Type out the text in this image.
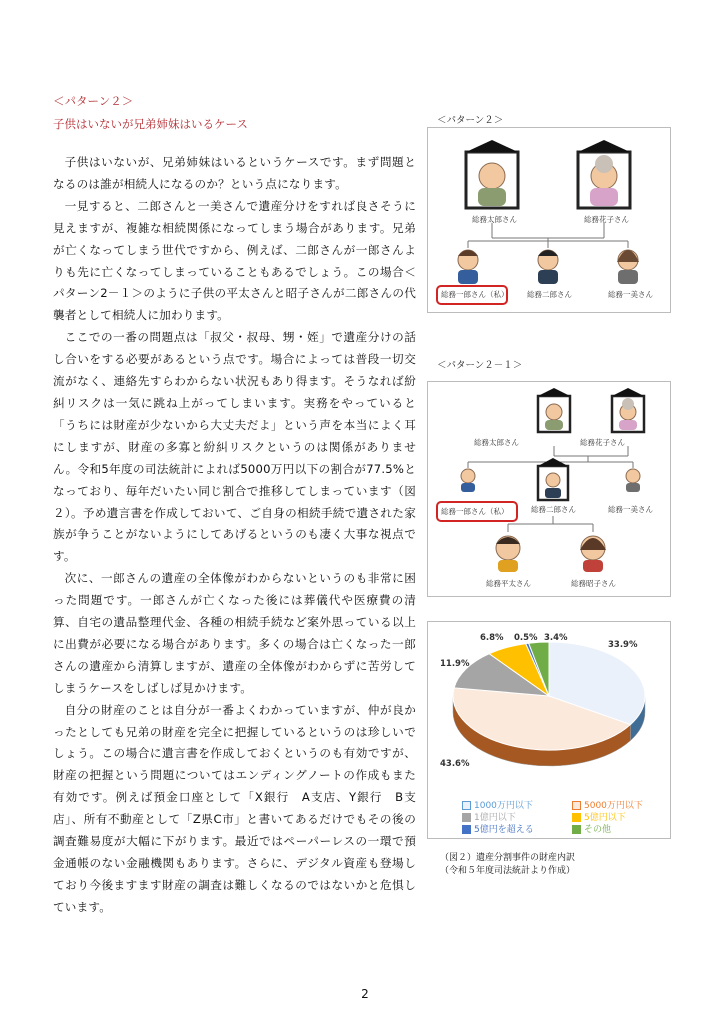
＜パターン２＞
子供はいないが兄弟姉妹はいるケース

子供はいないが、兄弟姉妹はいるというケースです。まず問題となるのは誰が相続人になるのか？という点になります。

一見すると、二郎さんと一美さんで遺産分けをすれば良さそうに見えますが、複雑な相続関係になってしまう場合があります。兄弟が亡くなってしまう世代ですから、例えば、二郎さんが一郎さんよりも先に亡くなってしまっていることもあるでしょう。この場合＜パターン2－１＞のように子供の平太さんと昭子さんが二郎さんの代襲者として相続人に加わります。

ここでの一番の問題点は「叔父・叔母、甥・姪」で遺産分けの話し合いをする必要があるという点です。場合によっては普段一切交流がなく、連絡先すらわからない状況もあり得ます。そうなれば紛糾リスクは一気に跳ね上がってしまいます。実務をやっていると「うちには財産が少ないから大丈夫だよ」という声を本当によく耳にしますが、財産の多寡と紛糾リスクというのは関係がありません。令和5年度の司法統計によれば5000万円以下の割合が77.5%となっており、毎年だいたい同じ割合で推移してしまっています（図２）。予め遺言書を作成しておいて、ご自身の相続手続で遺された家族が争うことがないようにしてあげるというのも凄く大事な視点です。

次に、一郎さんの遺産の全体像がわからないというのも非常に困った問題です。一郎さんが亡くなった後には葬儀代や医療費の清算、自宅の遺品整理代金、各種の相続手続など案外思っている以上に出費が必要になる場合があります。多くの場合は亡くなった一郎さんの遺産から清算しますが、遺産の全体像がわからずに苦労してしまうケースをしばしば見かけます。

自分の財産のことは自分が一番よくわかっていますが、仲が良かったとしても兄弟の財産を完全に把握しているというのは珍しいでしょう。この場合に遺言書を作成しておくというのも有効ですが、財産の把握という問題についてはエンディングノートの作成もまた有効です。例えば預金口座として「X銀行　A支店、Y銀行　B支店」、所有不動産として「Z県C市」と書いてあるだけでもその後の調査難易度が大幅に下がります。最近ではペーパーレスの一環で預金通帳のない金融機関もあります。さらに、デジタル資産も登場しており今後ますます財産の調査は難しくなるのではないかと危惧しています。

＜パターン２＞
総務太郎さん	総務花子さん
総務一郎さん（私） 総務二郎さん	総務一美さん
＜パターン２－１＞
総務太郎さん	総務花子さん
総務一郎さん（私）	総務二郎さん	総務一美さん
総務平太さん	総務昭子さん
33.9%
43.6%
11.9%
6.8% 0.5% 3.4%
1000万円以下	5000万円以下
1億円以下	5億円以下
5億円を超える	その他
（図２）遺産分割事件の財産内訳
（令和５年度司法統計より作成）
2
